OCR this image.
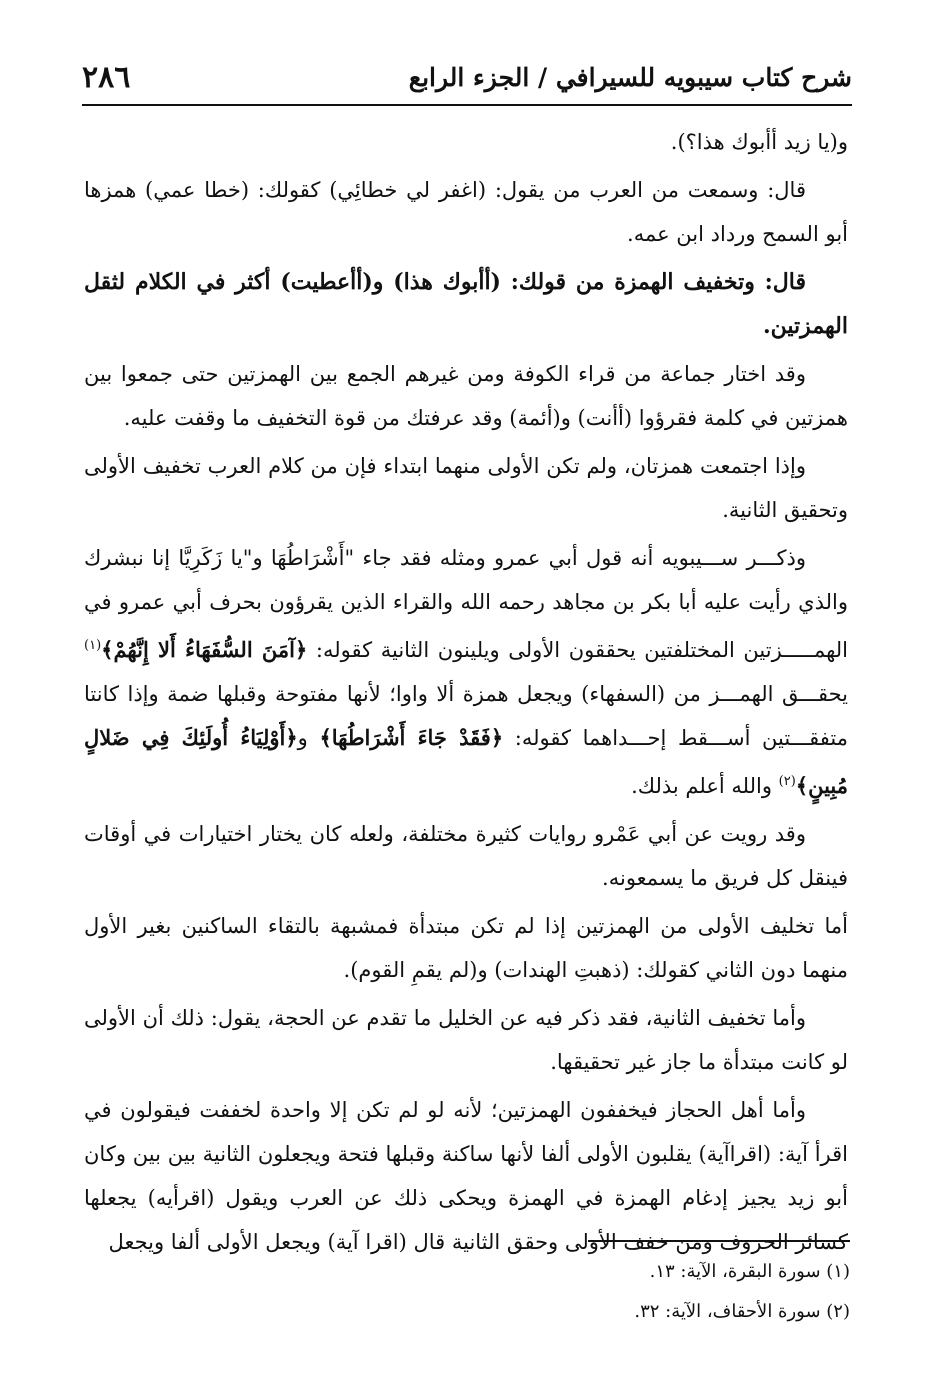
٢٨٦	شرح كتاب سيبويه للسيرافي / الجزء الرابع

و(يا زيد أأبوك هذا؟).

قال: وسمعت من العرب من يقول: (اغفر لي خطائِي) كقولك: (خطا عمي) همزها أبو السمح ورداد ابن عمه.

قال: وتخفيف الهمزة من قولك: (أأبوك هذا) و(أأعطيت) أكثر في الكلام لثقل الهمزتين.

وقد اختار جماعة من قراء الكوفة ومن غيرهم الجمع بين الهمزتين حتى جمعوا بين همزتين في كلمة فقرؤوا (أأنت) و(أئمة) وقد عرفتك من قوة التخفيف ما وقفت عليه.

وإذا اجتمعت همزتان، ولم تكن الأولى منهما ابتداء فإن من كلام العرب تخفيف الأولى وتحقيق الثانية.

وذكـــر ســـيبويه أنه قول أبي عمرو ومثله فقد جاء "أَشْرَاطُهَا و"يا زَكَرِيَّا إنا نبشرك والذي رأيت عليه أبا بكر بن مجاهد رحمه الله والقراء الذين يقرؤون بحرف أبي عمرو في الهمـــــزتين المختلفتين يحققون الأولى ويلينون الثانية كقوله: ﴿آمَنَ السُّفَهَاءُ أَلا إِنَّهُمْ﴾$^{(١)}$ يحقـــق الهمـــز من (السفهاء) ويجعل همزة ألا واوا؛ لأنها مفتوحة وقبلها ضمة وإذا كانتا متفقـــتين أســـقط إحـــداهما كقوله: ﴿فَقَدْ جَاءَ أَشْرَاطُهَا﴾ و﴿أَوْلِيَاءُ أُولَئِكَ فِي ضَلالٍ مُبِينٍ﴾$^{(٢)}$ والله أعلم بذلك.

وقد رويت عن أبي عَمْرو روايات كثيرة مختلفة، ولعله كان يختار اختيارات في أوقات فينقل كل فريق ما يسمعونه.

أما تخليف الأولى من الهمزتين إذا لم تكن مبتدأة فمشبهة بالتقاء الساكنين بغير الأول منهما دون الثاني كقولك: (ذهبتِ الهندات) و(لم يقمِ القوم).

وأما تخفيف الثانية، فقد ذكر فيه عن الخليل ما تقدم عن الحجة، يقول: ذلك أن الأولى لو كانت مبتدأة ما جاز غير تحقيقها.

وأما أهل الحجاز فيخففون الهمزتين؛ لأنه لو لم تكن إلا واحدة لخففت فيقولون في اقرأ آية: (اقراآية) يقلبون الأولى ألفا لأنها ساكنة وقبلها فتحة ويجعلون الثانية بين بين وكان أبو زيد يجيز إدغام الهمزة في الهمزة ويحكى ذلك عن العرب ويقول (اقرأيه) يجعلها كسائر الحروف ومن خفف الأولى وحقق الثانية قال (اقرا آية) ويجعل الأولى ألفا ويجعل

(١) سورة البقرة، الآية: ١٣.
(٢) سورة الأحقاف، الآية: ٣٢.
